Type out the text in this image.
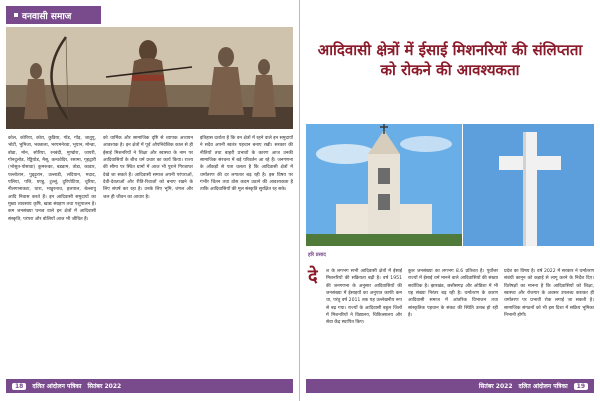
वनवासी समाज

कोल, कोरिया, कोरा, कुडिया, गोंड, गोंड़, जातुपु, भोटी, भुमिजा, भक्ताला, भरपमनेरवा, भूयान, मोन्डा, बोडा, मोन, सोरिया, रनबंदी, मुण्डोरा, जायरी, गोनदुलोड, रेड्डियोड, मैसू, कन्धवेदिर, रसामा, गृहद्वारी (भोसुत-पोसावा) कुमरूका, बडडाम, तोडा, काडार, पल्लोतान, पुड्ढ़ुरान, उल्लाडी, लदियान, मदाद, पलिया, पत्ति, घण्डु, टुल्लूं, दुरिपोटिया, चूरिया, नीलगानाकटा, थारा, भाडुरनाथ, हलपाल, बेल्लायु आदि निवास करते हैं। इन आदिवासी समुदायों का मुख्य व्यवसाय कृषि, खाद्य संग्रहण तथा पशुपालन है। कम जनसंख्या घनत्व वाले इन क्षेत्रों में आदिवासी संस्कृति, परंपरा और बोलियाँ आज भी जीवित हैं।

को धार्मिक और सामाजिक दृष्टि से व्यापक अध्ययन आवश्यक है। इन क्षेत्रों में पूर्व औपनिवेशिक काल से ही ईसाई मिशनरियों ने शिक्षा और स्वास्थ्य के नाम पर आदिवासियों के बीच धर्म प्रचार का कार्य किया। राज्य की सीमा पर स्थित ग्रामों में आज भी पुराने गिरजाघर देखे जा सकते हैं। आदिवासी समाज अपनी परंपराओं, देवी-देवताओं और रीति-रिवाजों को बनाए रखने के लिए संघर्ष कर रहा है। उनके लिए भूमि, जंगल और जल ही जीवन का आधार है।

इतिहास दर्शाता है कि वन क्षेत्रों में रहने वाले इन समुदायों ने सदैव अपनी स्वतंत्र पहचान बनाए रखी। सरकार की नीतियों तथा बाहरी प्रभावों के कारण आज उनकी सामाजिक संरचना में बड़े परिवर्तन आ रहे हैं। जनगणना के आँकड़ों से पता चलता है कि आदिवासी क्षेत्रों में धर्मांतरण की दर लगातार बढ़ रही है। इस विषय पर गंभीर चिंतन तथा ठोस कदम उठाने की आवश्यकता है ताकि आदिवासियों की मूल संस्कृति सुरक्षित रह सके।

18	दलित आंदोलन पत्रिका सितंबर 2022
आदिवासी क्षेत्रों में ईसाई मिशनरियों की संलिप्तता को रोकने की आवश्यकता
हरि प्रसाद
दे	श के लगभग सभी आदिवासी क्षेत्रों में ईसाई मिशनरियों की सक्रियता बढ़ी है। वर्ष 1951 की जनगणना के अनुसार आदिवासियों की जनसंख्या में ईसाइयों का अनुपात काफी कम था, परंतु वर्ष 2011 तक यह उल्लेखनीय रूप से बढ़ गया। राज्यों के आदिवासी बहुल जिलों में मिशनरियों ने विद्यालय, चिकित्सालय और सेवा केंद्र स्थापित किए।

कुल जनसंख्या का लगभग 8.6 प्रतिशत है। पूर्वोत्तर राज्यों में ईसाई धर्म मानने वाले आदिवासियों की संख्या सर्वाधिक है। झारखंड, छत्तीसगढ़ और ओडिशा में भी यह संख्या निरंतर बढ़ रही है। धर्मांतरण के कारण आदिवासी समाज में आंतरिक विभाजन तथा सांस्कृतिक पहचान के संकट की स्थिति उत्पन्न हो रही है।

प्रदेश का विषय है। वर्ष 2022 में सरकार ने धर्मांतरण संबंधी कानून को कड़ाई से लागू करने के निर्देश दिए। विशेषज्ञों का मानना है कि आदिवासियों को शिक्षा, स्वास्थ्य और रोजगार के अवसर उपलब्ध कराकर ही धर्मांतरण पर प्रभावी रोक लगाई जा सकती है। सामाजिक संगठनों को भी इस दिशा में सक्रिय भूमिका निभानी होगी।

सितंबर 2022 दलित आंदोलन पत्रिका	19
